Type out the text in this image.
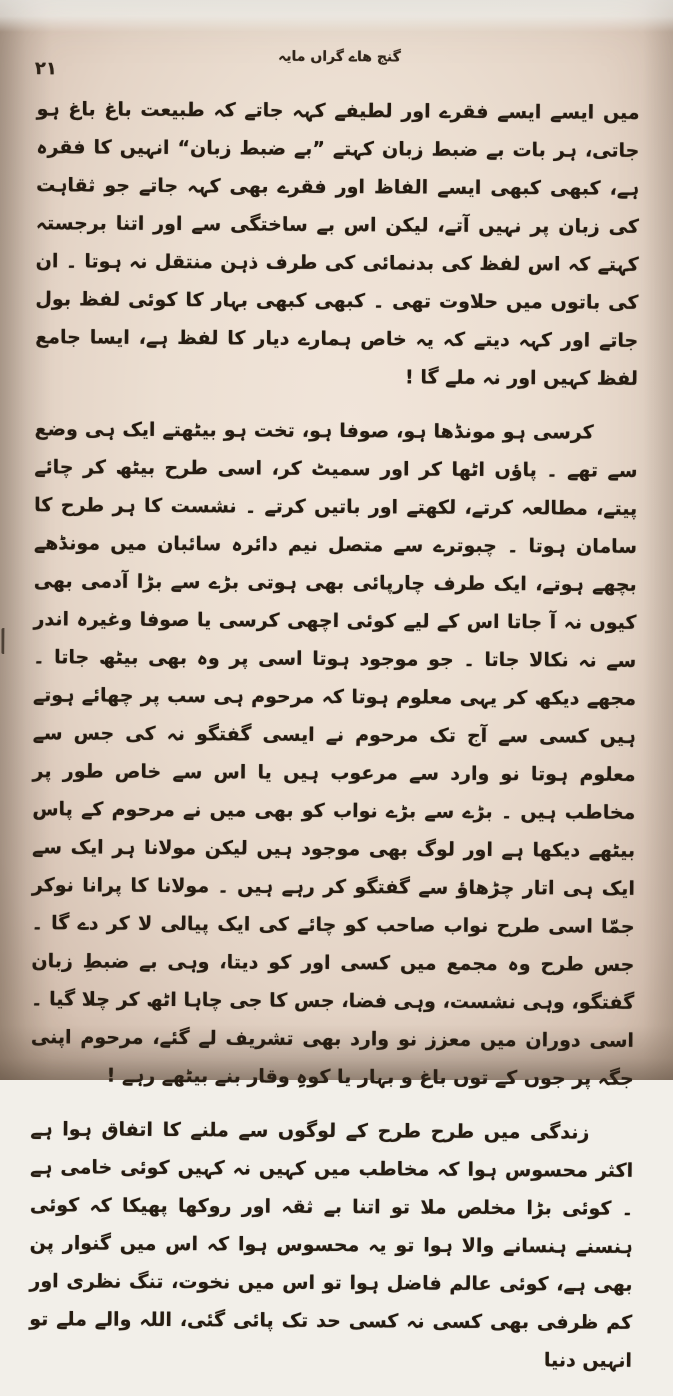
گنج هاے گراں مایہ
۲۱

میں ایسے ایسے فقرے اور لطیفے کہہ جاتے کہ طبیعت باغ باغ ہو جاتی، ہر بات بے ضبط زبان کہتے ”بے ضبط زبان“ انہیں کا فقرہ ہے، کبھی کبھی ایسے الفاظ اور فقرے بھی کہہ جاتے جو ثقاہت کی زبان پر نہیں آتے، لیکن اس بے ساختگی سے اور اتنا برجستہ کہتے کہ اس لفظ کی بدنمائی کی طرف ذہن منتقل نہ ہوتا ۔ ان کی باتوں میں حلاوت تھی ۔ کبھی کبھی بہار کا کوئی لفظ بول جاتے اور کہہ دیتے کہ یہ خاص ہمارے دیار کا لفظ ہے، ایسا جامع لفظ کہیں اور نہ ملے گا !

کرسی ہو مونڈھا ہو، صوفا ہو، تخت ہو بیٹھتے ایک ہی وضع سے تھے ۔ پاؤں اٹھا کر اور سمیٹ کر، اسی طرح بیٹھ کر چائے پیتے، مطالعہ کرتے، لکھتے اور باتیں کرتے ۔ نشست کا ہر طرح کا سامان ہوتا ۔ چبوترے سے متصل نیم دائرہ سائبان میں مونڈھے بچھے ہوتے، ایک طرف چارپائی بھی ہوتی بڑے سے بڑا آدمی بھی کیوں نہ آ جاتا اس کے لیے کوئی اچھی کرسی یا صوفا وغیرہ اندر سے نہ نکالا جاتا ۔ جو موجود ہوتا اسی پر وہ بھی بیٹھ جاتا ۔ مجھے دیکھ کر یہی معلوم ہوتا کہ مرحوم ہی سب پر چھائے ہوتے ہیں کسی سے آج تک مرحوم نے ایسی گفتگو نہ کی جس سے معلوم ہوتا نو وارد سے مرعوب ہیں یا اس سے خاص طور پر مخاطب ہیں ۔ بڑے سے بڑے نواب کو بھی میں نے مرحوم کے پاس بیٹھے دیکھا ہے اور لوگ بھی موجود ہیں لیکن مولانا ہر ایک سے ایک ہی اتار چڑھاؤ سے گفتگو کر رہے ہیں ۔ مولانا کا پرانا نوکر جمّا اسی طرح نواب صاحب کو چائے کی ایک پیالی لا کر دے گا ۔ جس طرح وہ مجمع میں کسی اور کو دیتا، وہی بے ضبطِ زبان گفتگو، وہی نشست، وہی فضا، جس کا جی چاہا اٹھ کر چلا گیا ۔ اسی دوران میں معزز نو وارد بھی تشریف لے گئے، مرحوم اپنی جگہ پر جوں کے توں باغ و بہار یا کوہِ وقار بنے بیٹھے رہے !

زندگی میں طرح طرح کے لوگوں سے ملنے کا اتفاق ہوا ہے اکثر محسوس ہوا کہ مخاطب میں کہیں نہ کہیں کوئی خامی ہے ۔ کوئی بڑا مخلص ملا تو اتنا بے ثقہ اور روکھا پھیکا کہ کوئی ہنسنے ہنسانے والا ہوا تو یہ محسوس ہوا کہ اس میں گنوار پن بھی ہے، کوئی عالم فاضل ہوا تو اس میں نخوت، تنگ نظری اور کم ظرفی بھی کسی نہ کسی حد تک پائی گئی، اللہ والے ملے تو انہیں دنیا
